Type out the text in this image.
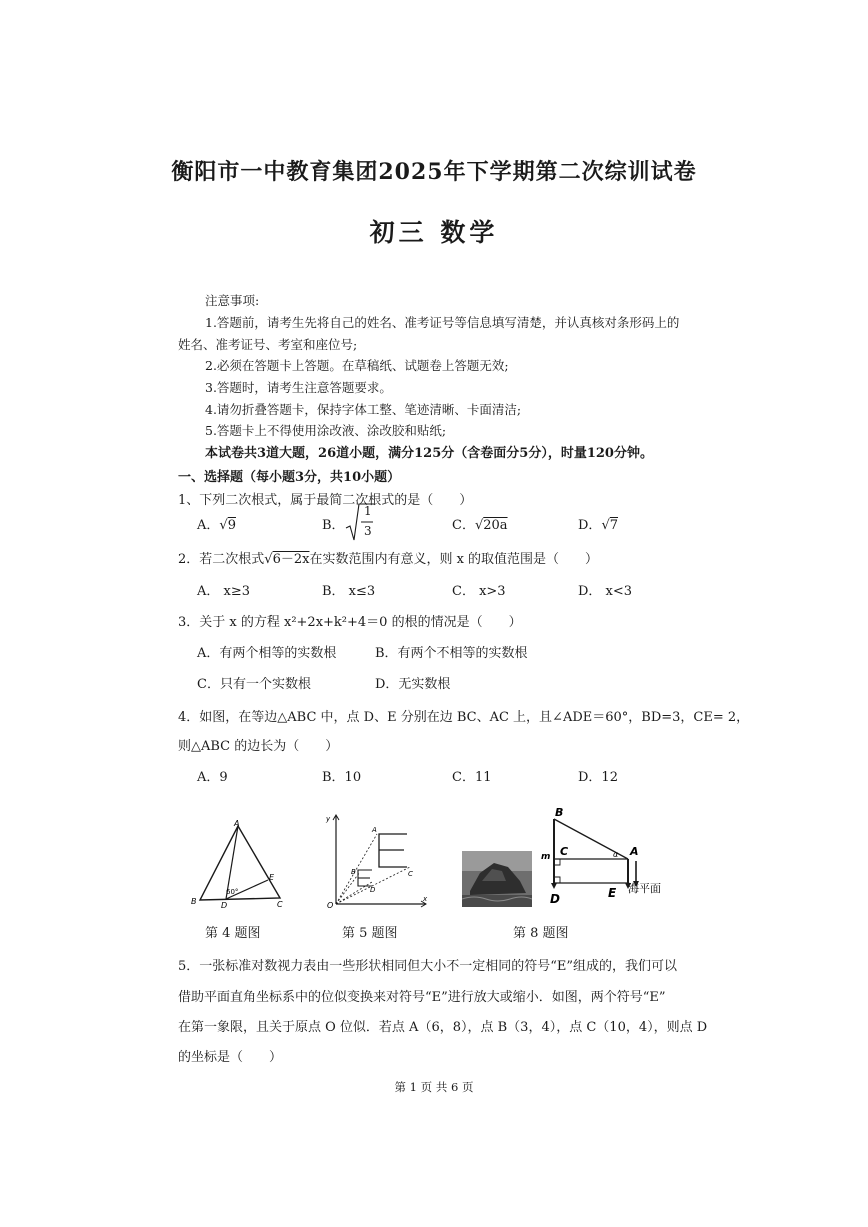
衡阳市一中教育集团2025年下学期第二次综训试卷
初三 数学
注意事项:
1.答题前，请考生先将自己的姓名、准考证号等信息填写清楚，并认真核对条形码上的
姓名、准考证号、考室和座位号;
2.必须在答题卡上答题。在草稿纸、试题卷上答题无效;
3.答题时，请考生注意答题要求。
4.请勿折叠答题卡，保持字体工整、笔迹清晰、卡面清洁;
5.答题卡上不得使用涂改液、涂改胶和贴纸;
本试卷共3道大题，26道小题，满分125分（含卷面分5分），时量120分钟。
一、选择题（每小题3分，共10小题）
1、下列二次根式，属于最简二次根式的是（　　）
A．√9	B．
1
3	C．√20a	D．√7
2．若二次根式√6－2x在实数范围内有意义，则 x 的取值范围是（　　）
A． x≥3	B． x≤3	C． x>3	D． x<3
3．关于 x 的方程 x²+2x+k²+4＝0 的根的情况是（　　）
A．有两个相等的实数根	B．有两个不相等的实数根
C．只有一个实数根	D．无实数根
4．如图，在等边△ABC 中，点 D、E 分别在边 BC、AC 上，且∠ADE＝60°，BD=3，CE= 2，
则△ABC 的边长为（　　）
A．9	B．10	C．11	D．12
A
B	C
D
E
60°
A
B	C
D
O
y
x
B
C	A
D	E
m	α
海平面
第 4 题图	第 5 题图	第 8 题图
5．一张标准对数视力表由一些形状相同但大小不一定相同的符号“E”组成的，我们可以
借助平面直角坐标系中的位似变换来对符号“E”进行放大或缩小．如图，两个符号“E”
在第一象限，且关于原点 O 位似．若点 A（6，8），点 B（3，4），点 C（10，4），则点 D
的坐标是（　　）
第 1 页 共 6 页
